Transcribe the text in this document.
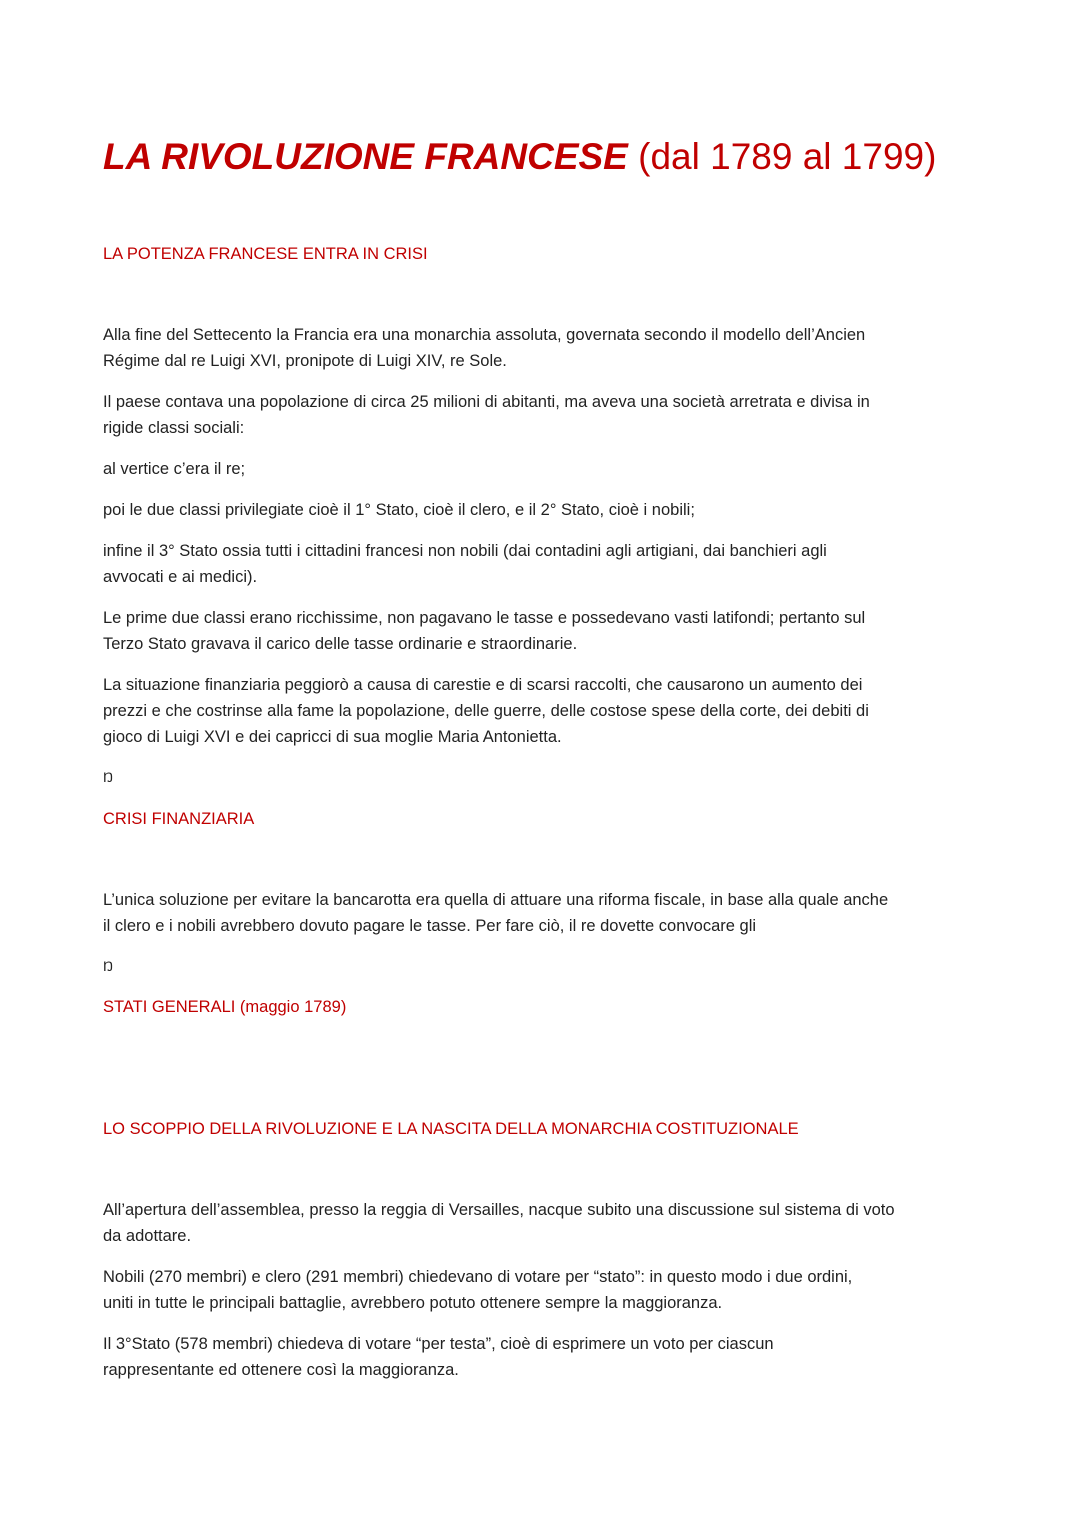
LA RIVOLUZIONE FRANCESE (dal 1789 al 1799)
LA POTENZA FRANCESE ENTRA IN CRISI

Alla fine del Settecento la Francia era una monarchia assoluta, governata secondo il modello dell’Ancien
Régime dal re Luigi XVI, pronipote di Luigi XIV, re Sole.

Il paese contava una popolazione di circa 25 milioni di abitanti, ma aveva una società arretrata e divisa in
rigide classi sociali:

al vertice c’era il re;

poi le due classi privilegiate cioè il 1° Stato, cioè il clero, e il 2° Stato, cioè i nobili;

infine il 3° Stato ossia tutti i cittadini francesi non nobili (dai contadini agli artigiani, dai banchieri agli
avvocati e ai medici).

Le prime due classi erano ricchissime, non pagavano le tasse e possedevano vasti latifondi; pertanto sul
Terzo Stato gravava il carico delle tasse ordinarie e straordinarie.

La situazione finanziaria peggiorò a causa di carestie e di scarsi raccolti, che causarono un aumento dei
prezzi e che costrinse alla fame la popolazione, delle guerre, delle costose spese della corte, dei debiti di
gioco di Luigi XVI e dei capricci di sua moglie Maria Antonietta.

Ŋ
CRISI FINANZIARIA

L’unica soluzione per evitare la bancarotta era quella di attuare una riforma fiscale, in base alla quale anche
il clero e i nobili avrebbero dovuto pagare le tasse. Per fare ciò, il re dovette convocare gli

Ŋ
STATI GENERALI (maggio 1789)
LO SCOPPIO DELLA RIVOLUZIONE E LA NASCITA DELLA MONARCHIA COSTITUZIONALE

All’apertura dell’assemblea, presso la reggia di Versailles, nacque subito una discussione sul sistema di voto
da adottare.

Nobili (270 membri) e clero (291 membri) chiedevano di votare per “stato”: in questo modo i due ordini,
uniti in tutte le principali battaglie, avrebbero potuto ottenere sempre la maggioranza.

Il 3°Stato (578 membri) chiedeva di votare “per testa”, cioè di esprimere un voto per ciascun
rappresentante ed ottenere così la maggioranza.
